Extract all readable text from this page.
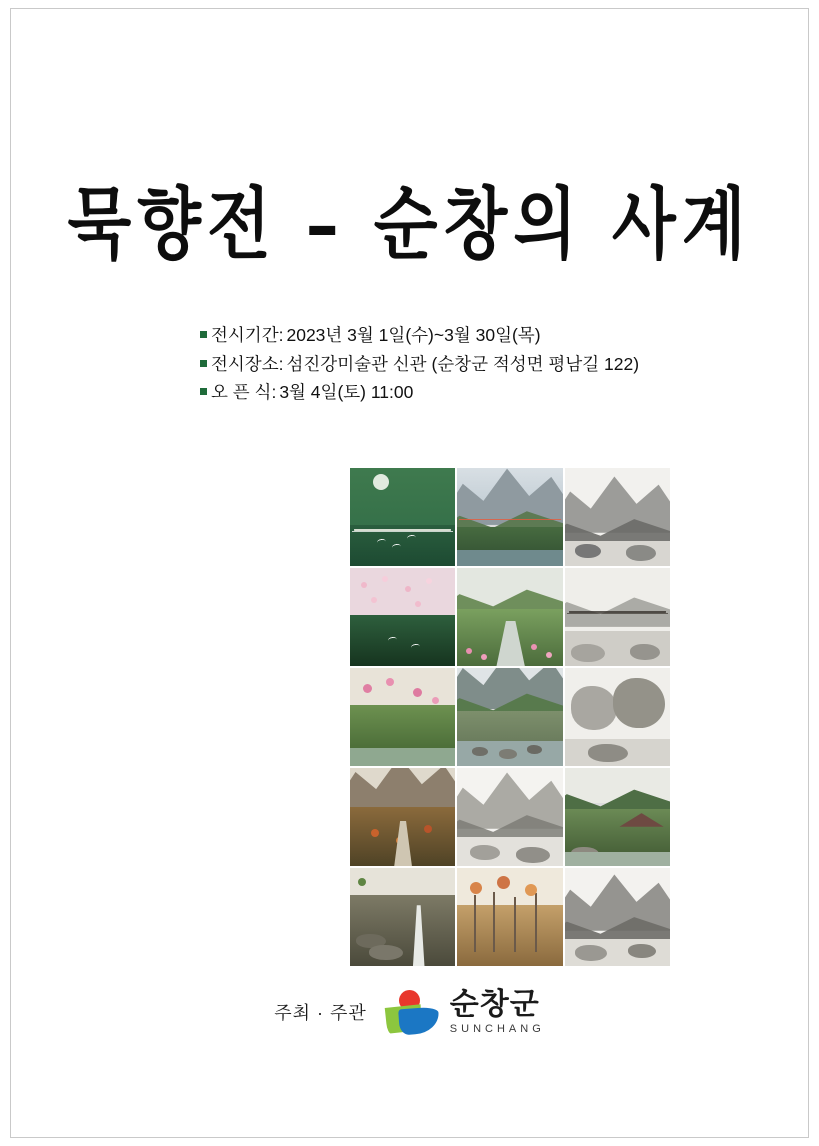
묵향전 – 순창의 사계
전시기간: 2023년 3월 1일(수)~3월 30일(목)
전시장소: 섬진강미술관 신관 (순창군 적성면 평남길 122)
오 픈 식: 3월 4일(토) 11:00
주최 · 주관	순창군
SUNCHANG
